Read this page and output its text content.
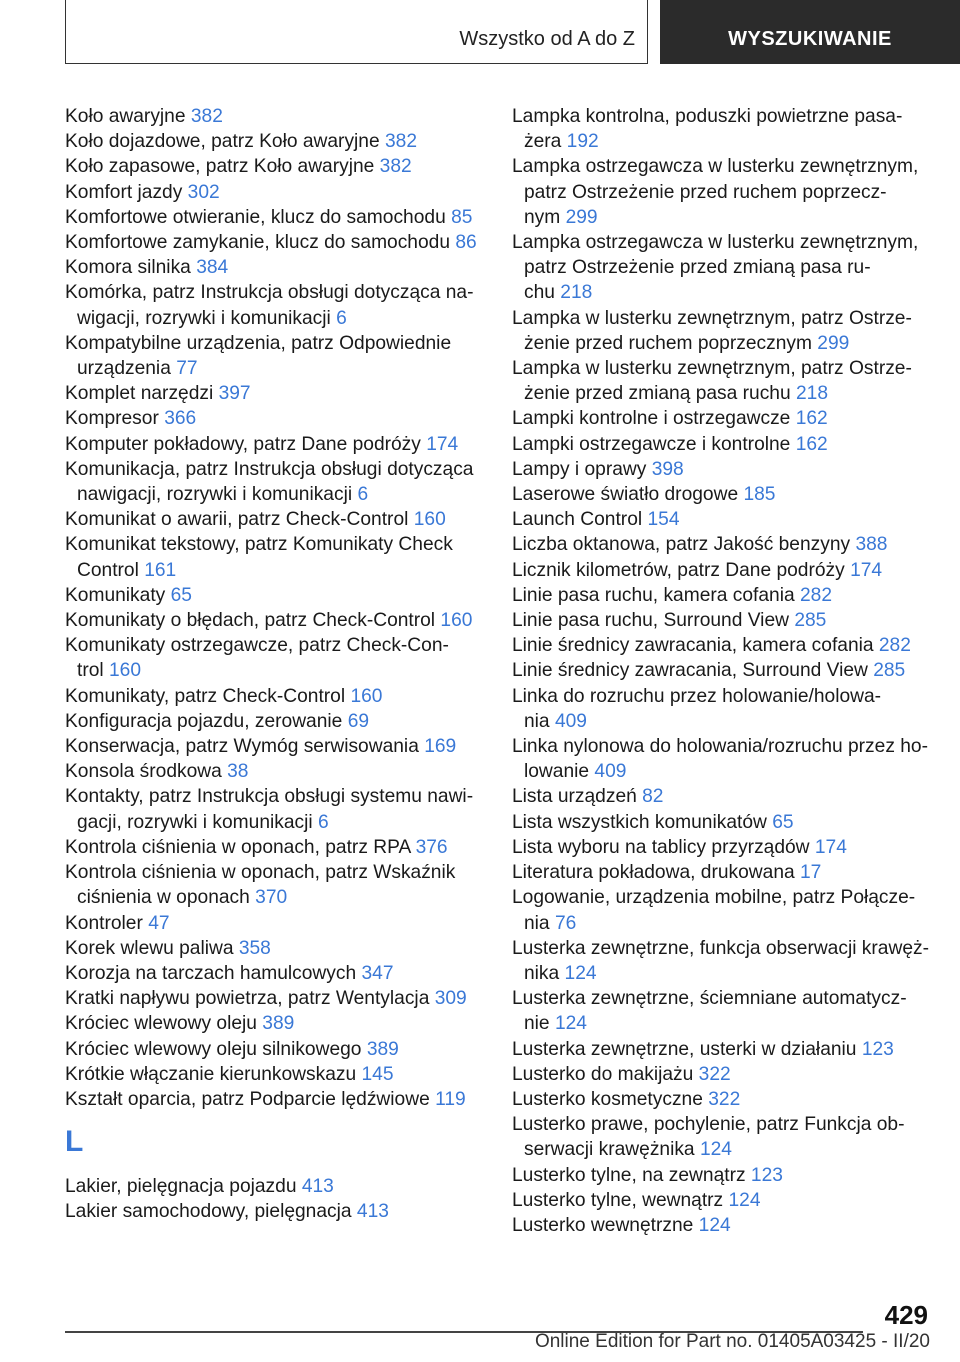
Wszystko od A do Z	WYSZUKIWANIE

Koło awaryjne 382

Koło dojazdowe, patrz Koło awaryjne 382

Koło zapasowe, patrz Koło awaryjne 382

Komfort jazdy 302

Komfortowe otwieranie, klucz do samochodu 85

Komfortowe zamykanie, klucz do samochodu 86

Komora silnika 384

Komórka, patrz Instrukcja obsługi dotycząca na-
wigacji, rozrywki i komunikacji 6

Kompatybilne urządzenia, patrz Odpowiednie
urządzenia 77

Komplet narzędzi 397

Kompresor 366

Komputer pokładowy, patrz Dane podróży 174

Komunikacja, patrz Instrukcja obsługi dotycząca
nawigacji, rozrywki i komunikacji 6

Komunikat o awarii, patrz Check-Control 160

Komunikat tekstowy, patrz Komunikaty Check
Control 161

Komunikaty 65

Komunikaty o błędach, patrz Check-Control 160

Komunikaty ostrzegawcze, patrz Check-Con-
trol 160

Komunikaty, patrz Check-Control 160

Konfiguracja pojazdu, zerowanie 69

Konserwacja, patrz Wymóg serwisowania 169

Konsola środkowa 38

Kontakty, patrz Instrukcja obsługi systemu nawi-
gacji, rozrywki i komunikacji 6

Kontrola ciśnienia w oponach, patrz RPA 376

Kontrola ciśnienia w oponach, patrz Wskaźnik
ciśnienia w oponach 370

Kontroler 47

Korek wlewu paliwa 358

Korozja na tarczach hamulcowych 347

Kratki napływu powietrza, patrz Wentylacja 309

Króciec wlewowy oleju 389

Króciec wlewowy oleju silnikowego 389

Krótkie włączanie kierunkowskazu 145

Kształt oparcia, patrz Podparcie lędźwiowe 119

L

Lakier, pielęgnacja pojazdu 413

Lakier samochodowy, pielęgnacja 413

Lampka kontrolna, poduszki powietrzne pasa-
żera 192

Lampka ostrzegawcza w lusterku zewnętrznym,
patrz Ostrzeżenie przed ruchem poprzecz-
nym 299

Lampka ostrzegawcza w lusterku zewnętrznym,
patrz Ostrzeżenie przed zmianą pasa ru-
chu 218

Lampka w lusterku zewnętrznym, patrz Ostrze-
żenie przed ruchem poprzecznym 299

Lampka w lusterku zewnętrznym, patrz Ostrze-
żenie przed zmianą pasa ruchu 218

Lampki kontrolne i ostrzegawcze 162

Lampki ostrzegawcze i kontrolne 162

Lampy i oprawy 398

Laserowe światło drogowe 185

Launch Control 154

Liczba oktanowa, patrz Jakość benzyny 388

Licznik kilometrów, patrz Dane podróży 174

Linie pasa ruchu, kamera cofania 282

Linie pasa ruchu, Surround View 285

Linie średnicy zawracania, kamera cofania 282

Linie średnicy zawracania, Surround View 285

Linka do rozruchu przez holowanie/holowa-
nia 409

Linka nylonowa do holowania/rozruchu przez ho-
lowanie 409

Lista urządzeń 82

Lista wszystkich komunikatów 65

Lista wyboru na tablicy przyrządów 174

Literatura pokładowa, drukowana 17

Logowanie, urządzenia mobilne, patrz Połącze-
nia 76

Lusterka zewnętrzne, funkcja obserwacji krawęż-
nika 124

Lusterka zewnętrzne, ściemniane automatycz-
nie 124

Lusterka zewnętrzne, usterki w działaniu 123

Lusterko do makijażu 322

Lusterko kosmetyczne 322

Lusterko prawe, pochylenie, patrz Funkcja ob-
serwacji krawężnika 124

Lusterko tylne, na zewnątrz 123

Lusterko tylne, wewnątrz 124

Lusterko wewnętrzne 124

429
Online Edition for Part no. 01405A03425 - II/20
